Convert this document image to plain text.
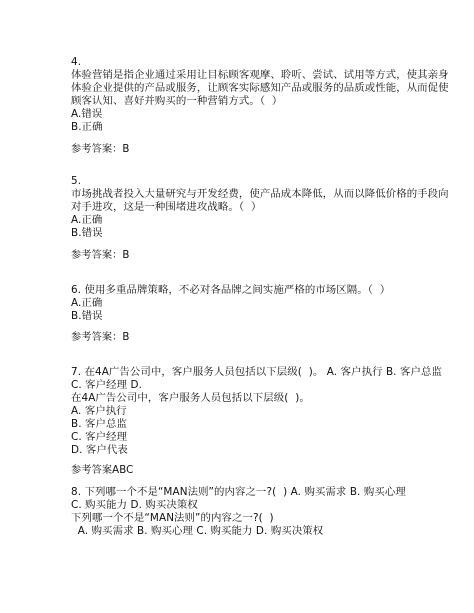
4.
体验营销是指企业通过采用让目标顾客观摩、聆听、尝试、试用等方式，使其亲身
体验企业提供的产品或服务，让顾客实际感知产品或服务的品质或性能，从而促使
顾客认知、喜好并购买的一种营销方式。（  ）
A.错误
B.正确
参考答案：B
5.
市场挑战者投入大量研究与开发经费，使产品成本降低，从而以降低价格的手段向
对手进攻，这是一种围堵进攻战略。（  ）
A.正确
B.错误
参考答案：B
6. 使用多重品牌策略，不必对各品牌之间实施严格的市场区隔。（  ）
A.正确
B.错误
参考答案：B
7. 在4A广告公司中，客户服务人员包括以下层级(  )。 A. 客户执行 B. 客户总监
C. 客户经理 D.
在4A广告公司中，客户服务人员包括以下层级(  )。
A. 客户执行
B. 客户总监
C. 客户经理
D. 客户代表
参考答案ABC
8. 下列哪一个不是“MAN法则”的内容之一?(  ) A. 购买需求 B. 购买心理
C. 购买能力 D. 购买决策权
下列哪一个不是“MAN法则”的内容之一?(  )
A. 购买需求 B. 购买心理 C. 购买能力 D. 购买决策权
